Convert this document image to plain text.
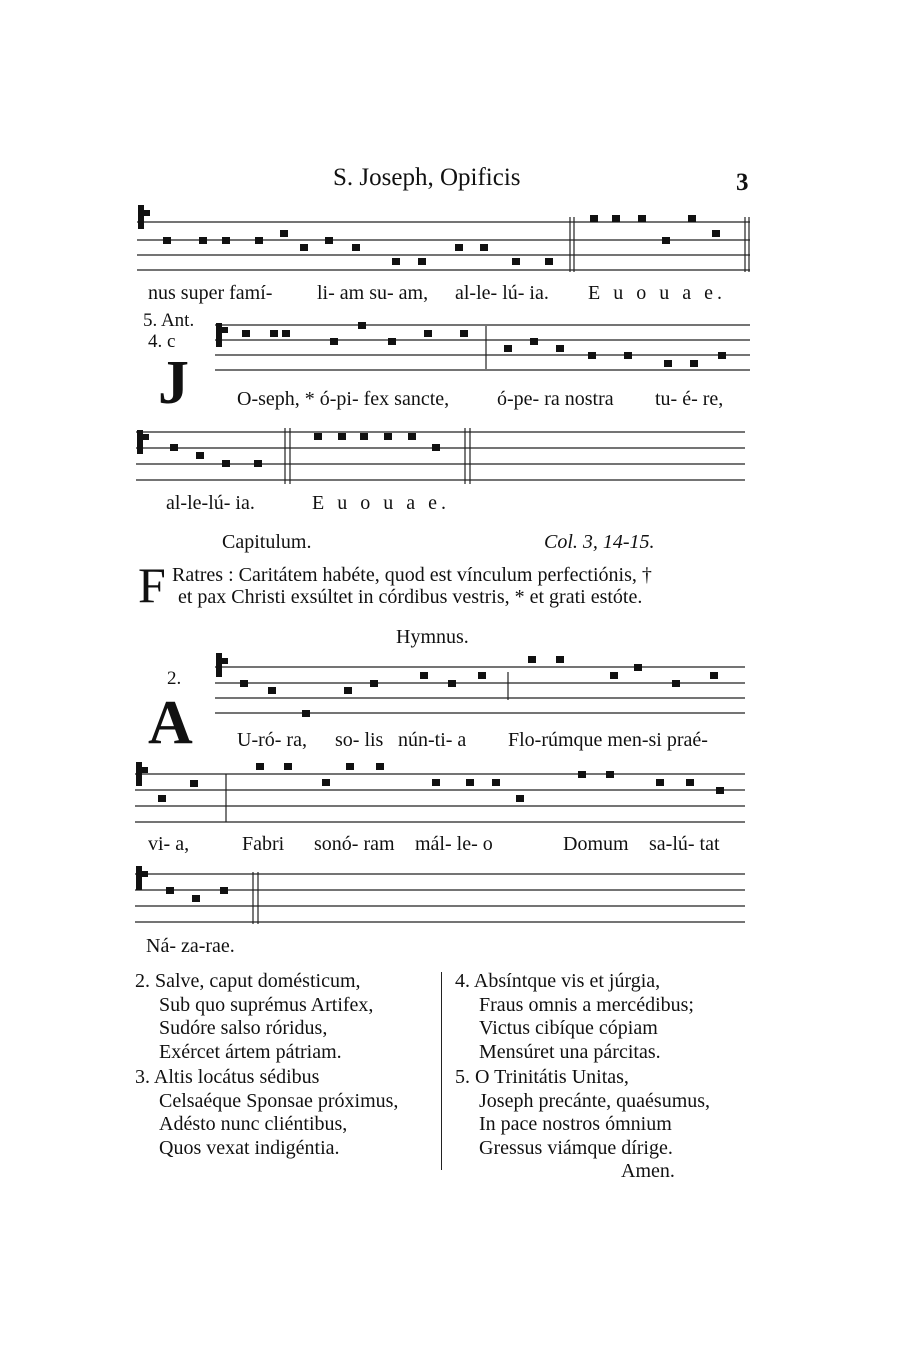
S. Joseph, Opificis	3
nus super famí- li- am su- am, al-le- lú- ia. E u o u a e.
5. Ant.
4. c
J O-seph, * ó-pi- fex sancte, ó-pe- ra nostra tu- é- re,
al-le-lú- ia.	E u o u a e.
Capitulum.	Col. 3, 14-15.
F Ratres : Caritátem habéte, quod est vínculum perfectiónis, †
et pax Christi exsúltet in córdibus vestris, * et grati estóte.
Hymnus.
2.
A U-ró- ra, so- lis nún-ti- a Flo-rúmque men-si praé-
vi- a,	Fabri sonó- ram mál- le- o	Domum sa-lú- tat
Ná- za-rae.
2. Salve, caput domésticum,
Sub quo suprémus Artifex,
Sudóre salso róridus,
Exércet ártem pátriam.
3. Altis locátus sédibus
Celsaéque Sponsae próximus,
Adésto nunc cliéntibus,
Quos vexat indigéntia.
4. Absíntque vis et júrgia,
Fraus omnis a mercédibus;
Victus cibíque cópiam
Mensúret una párcitas.
5. O Trinitátis Unitas,
Joseph precánte, quaésumus,
In pace nostros ómnium
Gressus viámque dírige.
Amen.
